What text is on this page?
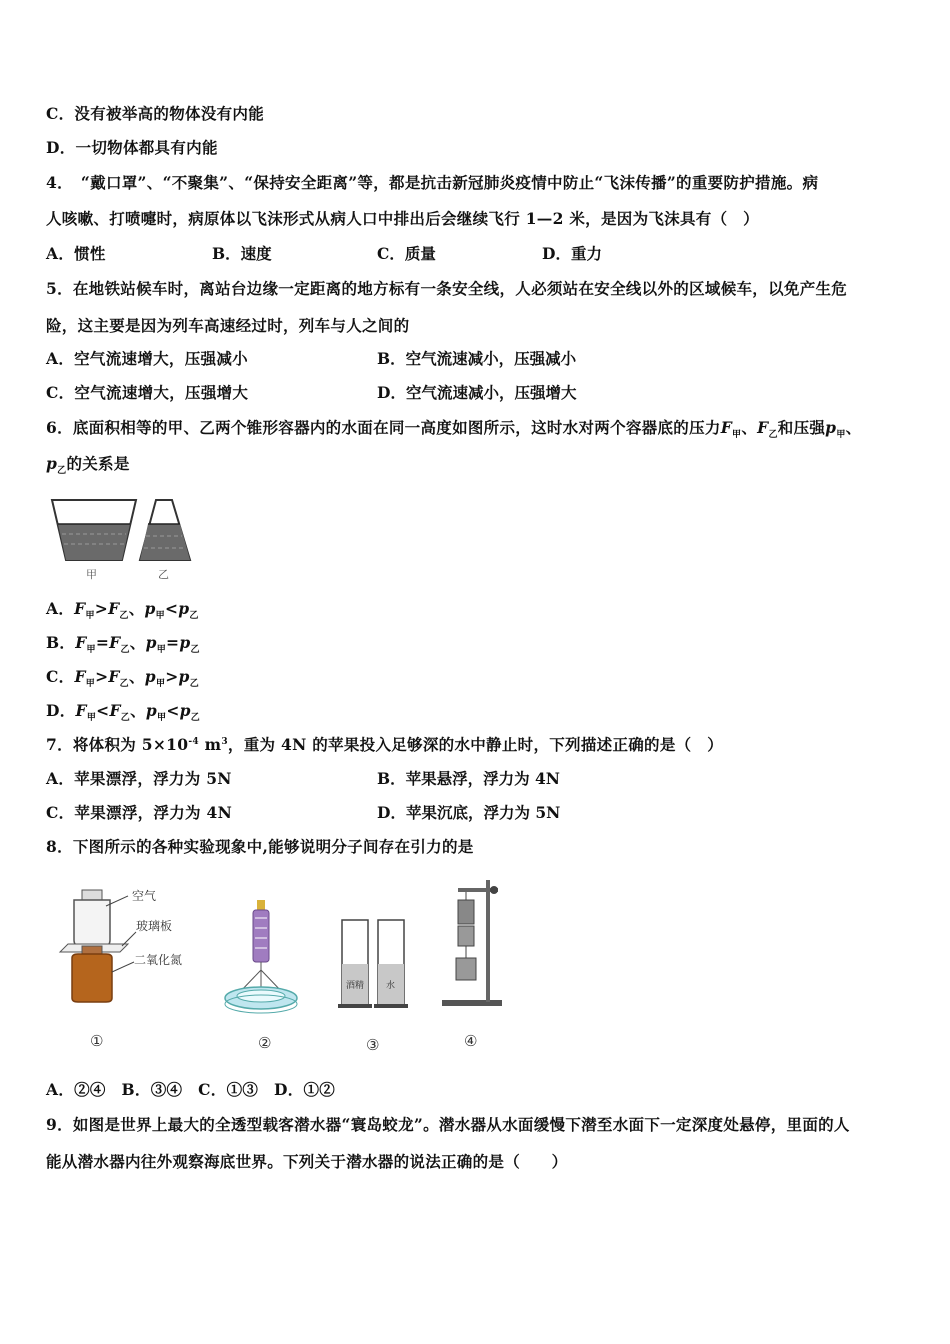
C．没有被举高的物体没有内能
D．一切物体都具有内能
4．　“戴口罩”、“不聚集”、“保持安全距离”等，都是抗击新冠肺炎疫情中防止“飞沫传播”的重要防护措施。病
人咳嗽、打喷嚏时，病原体以飞沫形式从病人口中排出后会继续飞行 1—2 米，是因为飞沫具有（　）
A．惯性	B．速度	C．质量	D．重力
5．在地铁站候车时，离站台边缘一定距离的地方标有一条安全线，人必须站在安全线以外的区域候车，以免产生危
险，这主要是因为列车高速经过时，列车与人之间的
A．空气流速增大，压强减小	B．空气流速减小，压强减小
C．空气流速增大，压强增大	D．空气流速减小，压强增大
6．底面积相等的甲、乙两个锥形容器内的水面在同一高度如图所示，这时水对两个容器底的压力$F_甲$、$F_乙$和压强$p_甲$、
$p_乙$的关系是
甲	乙
A．$F_甲>F_乙$、$p_甲<p_乙$
B．$F_甲=F_乙$、$p_甲=p_乙$
C．$F_甲>F_乙$、$p_甲>p_乙$
D．$F_甲<F_乙$、$p_甲<p_乙$
7．将体积为 $5\times 10^{-4}$ $m^3$，重为 4N 的苹果投入足够深的水中静止时，下列描述正确的是（　）
A．苹果漂浮，浮力为 5N	B．苹果悬浮，浮力为 4N
C．苹果漂浮，浮力为 4N	D．苹果沉底，浮力为 5N
8．下图所示的各种实验现象中,能够说明分子间存在引力的是
空气
玻璃板
二氧化氮
①	②
酒精 水
③	④
A．②④　B．③④　C．①③　D．①②
9．如图是世界上最大的全透型载客潜水器“寰岛蛟龙”。潜水器从水面缓慢下潜至水面下一定深度处悬停，里面的人
能从潜水器内往外观察海底世界。下列关于潜水器的说法正确的是（　　）
